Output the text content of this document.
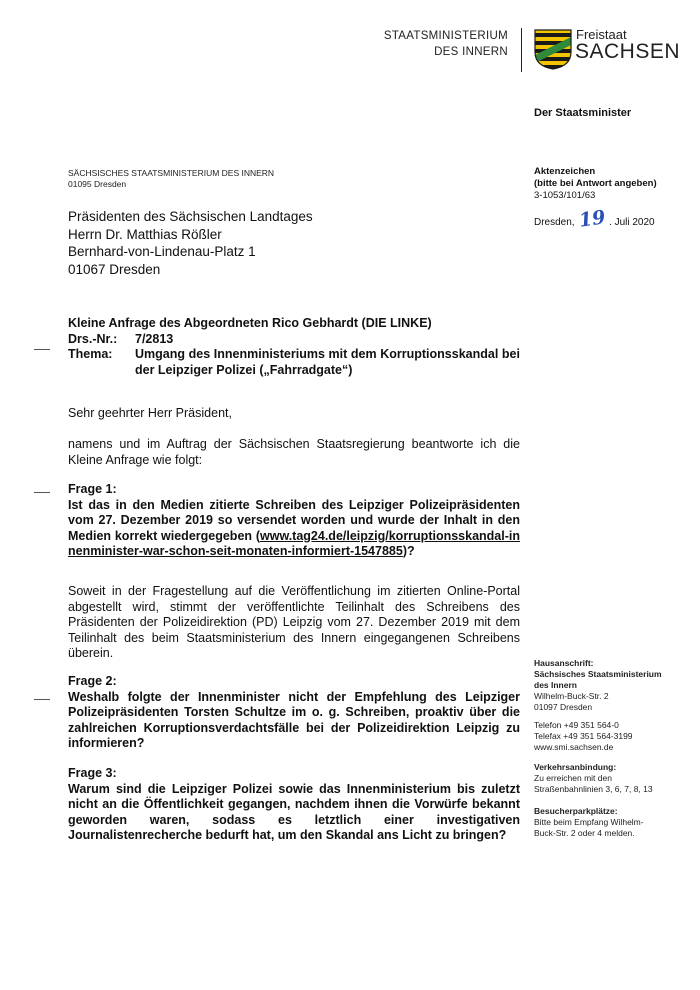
STAATSMINISTERIUM
DES INNERN
Freistaat
SACHSEN
Der Staatsminister
SÄCHSISCHES STAATSMINISTERIUM DES INNERN
01095 Dresden
Aktenzeichen
(bitte bei Antwort angeben)
3-1053/101/63
Dresden, 19 . Juli 2020
Präsidenten des Sächsischen Landtages
Herrn Dr. Matthias Rößler
Bernhard-von-Lindenau-Platz 1
01067 Dresden
Kleine Anfrage des Abgeordneten Rico Gebhardt (DIE LINKE)
Drs.-Nr.:	7/2813
Thema:	Umgang des Innenministeriums mit dem Korruptionsskandal bei der Leipziger Polizei („Fahrradgate“)
Sehr geehrter Herr Präsident,
namens und im Auftrag der Sächsischen Staatsregierung beantworte ich die Kleine Anfrage wie folgt:
Frage 1:
Ist das in den Medien zitierte Schreiben des Leipziger Polizeipräsidenten vom 27. Dezember 2019 so versendet worden und wurde der Inhalt in den Medien korrekt wiedergegeben (www.tag24.de/leipzig/korruptionsskandal-innenminister-war-schon-seit-monaten-informiert-1547885)?
Soweit in der Fragestellung auf die Veröffentlichung im zitierten Online-Portal abgestellt wird, stimmt der veröffentlichte Teilinhalt des Schreibens des Präsidenten der Polizeidirektion (PD) Leipzig vom 27. Dezember 2019 mit dem Teilinhalt des beim Staatsministerium des Innern eingegangenen Schreibens überein.
Frage 2:
Weshalb folgte der Innenminister nicht der Empfehlung des Leipziger Polizeipräsidenten Torsten Schultze im o. g. Schreiben, proaktiv über die zahlreichen Korruptionsverdachtsfälle bei der Polizeidirektion Leipzig zu informieren?
Frage 3:
Warum sind die Leipziger Polizei sowie das Innenministerium bis zuletzt nicht an die Öffentlichkeit gegangen, nachdem ihnen die Vorwürfe bekannt geworden waren, sodass es letztlich einer investigativen Journalistenrecherche bedurft hat, um den Skandal ans Licht zu bringen?
Hausanschrift:
Sächsisches Staatsministerium
des Innern
Wilhelm-Buck-Str. 2
01097 Dresden
Telefon +49 351 564-0
Telefax +49 351 564-3199
www.smi.sachsen.de
Verkehrsanbindung:
Zu erreichen mit den Straßenbahnlinien 3, 6, 7, 8, 13
Besucherparkplätze:
Bitte beim Empfang Wilhelm-Buck-Str. 2 oder 4 melden.
